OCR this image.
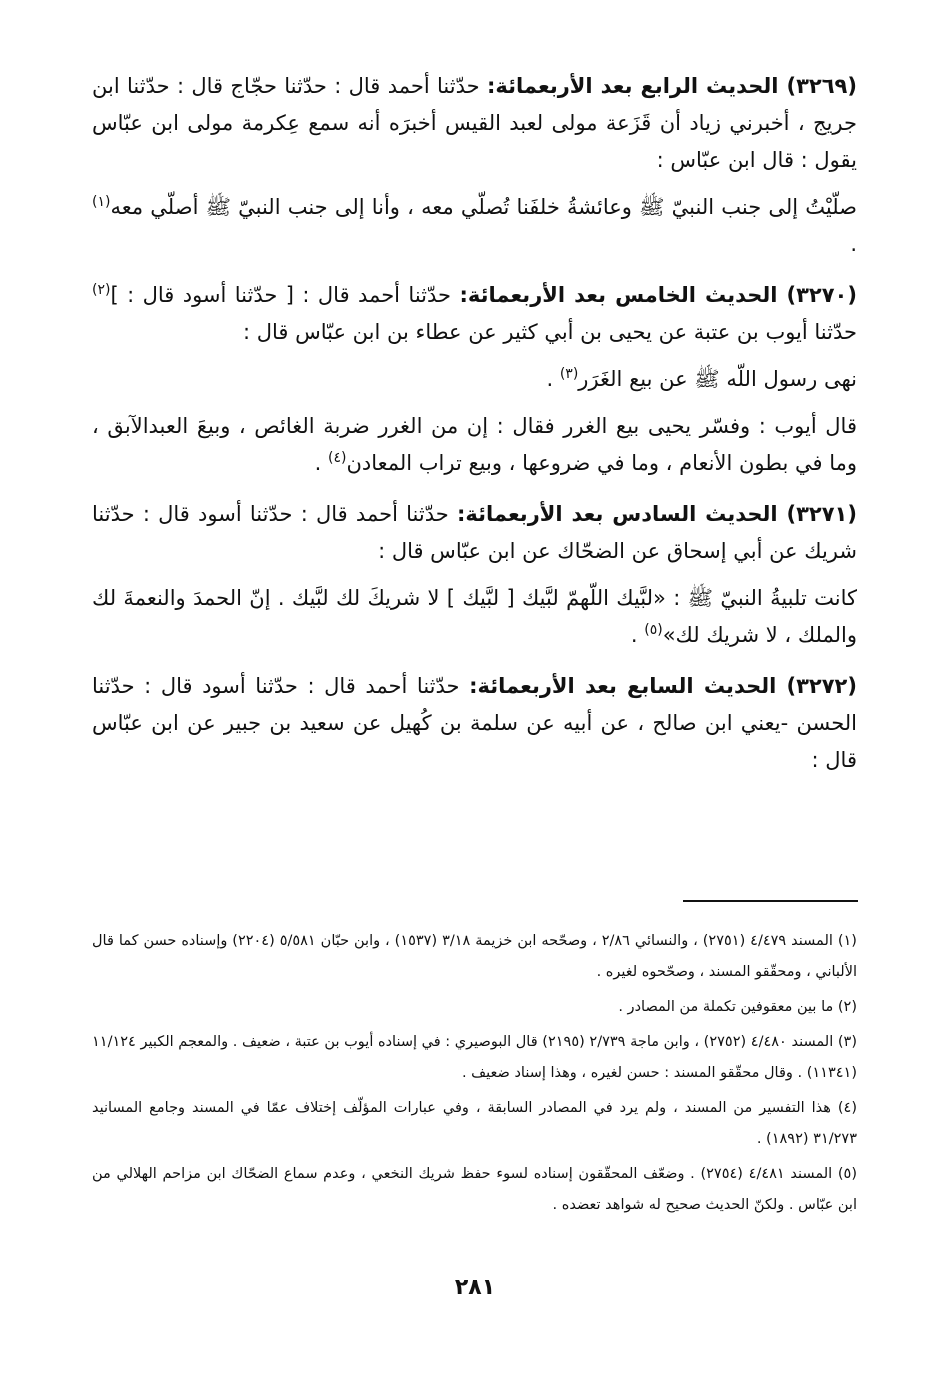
(٣٢٦٩) الحديث الرابع بعد الأربعمائة: حدّثنا أحمد قال : حدّثنا حجّاج قال : حدّثنا ابن جريج ، أخبرني زياد أن قَزَعة مولى لعبد القيس أخبرَه أنه سمع عِكرمة مولى ابن عبّاس يقول : قال ابن عبّاس :

صلّيْتُ إلى جنب النبيّ ﷺ وعائشةُ خلفَنا تُصلّي معه ، وأنا إلى جنب النبيّ ﷺ أصلّي معه$^{(١)}$ .

(٣٢٧٠) الحديث الخامس بعد الأربعمائة: حدّثنا أحمد قال : [ حدّثنا أسود قال : ]$^{(٢)}$ حدّثنا أيوب بن عتبة عن يحيى بن أبي كثير عن عطاء بن ابن عبّاس قال :

نهى رسول اللّه ﷺ عن بيع الغَرَر$^{(٣)}$ .

قال أيوب : وفسّر يحيى بيع الغرر فقال : إن من الغرر ضربة الغائص ، وبيعَ العبدالآبق ، وما في بطون الأنعام ، وما في ضروعها ، وبيع تراب المعادن$^{(٤)}$ .

(٣٢٧١) الحديث السادس بعد الأربعمائة: حدّثنا أحمد قال : حدّثنا أسود قال : حدّثنا شريك عن أبي إسحاق عن الضحّاك عن ابن عبّاس قال :

كانت تلبيةُ النبيّ ﷺ : «لبَّيك اللّهمّ لبَّيك [ لبَّيك ] لا شريكَ لك لبَّيك . إنّ الحمدَ والنعمةَ لك والملك ، لا شريك لك»$^{(٥)}$ .

(٣٢٧٢) الحديث السابع بعد الأربعمائة: حدّثنا أحمد قال : حدّثنا أسود قال : حدّثنا الحسن -يعني ابن صالح ، عن أبيه عن سلمة بن كُهيل عن سعيد بن جبير عن ابن عبّاس قال :

(١) المسند ٤/٤٧٩ (٢٧٥١) ، والنسائي ٢/٨٦ ، وصحّحه ابن خزيمة ٣/١٨ (١٥٣٧) ، وابن حبّان ٥/٥٨١ (٢٢٠٤) وإسناده حسن كما قال الألباني ، ومحقّقو المسند ، وصحّحوه لغيره .

(٢) ما بين معقوفين تكملة من المصادر .

(٣) المسند ٤/٤٨٠ (٢٧٥٢) ، وابن ماجة ٢/٧٣٩ (٢١٩٥) قال البوصيري : في إسناده أيوب بن عتبة ، ضعيف . والمعجم الكبير ١١/١٢٤ (١١٣٤١) . وقال محقّقو المسند : حسن لغيره ، وهذا إسناد ضعيف .

(٤) هذا التفسير من المسند ، ولم يرد في المصادر السابقة ، وفي عبارات المؤلّف إختلاف عمّا في المسند وجامع المسانيد ٣١/٢٧٣ (١٨٩٢) .

(٥) المسند ٤/٤٨١ (٢٧٥٤) . وضعّف المحقّقون إسناده لسوء حفظ شريك النخعي ، وعدم سماع الضحّاك ابن مزاحم الهلالي من ابن عبّاس . ولكنّ الحديث صحيح له شواهد تعضده .

٢٨١
